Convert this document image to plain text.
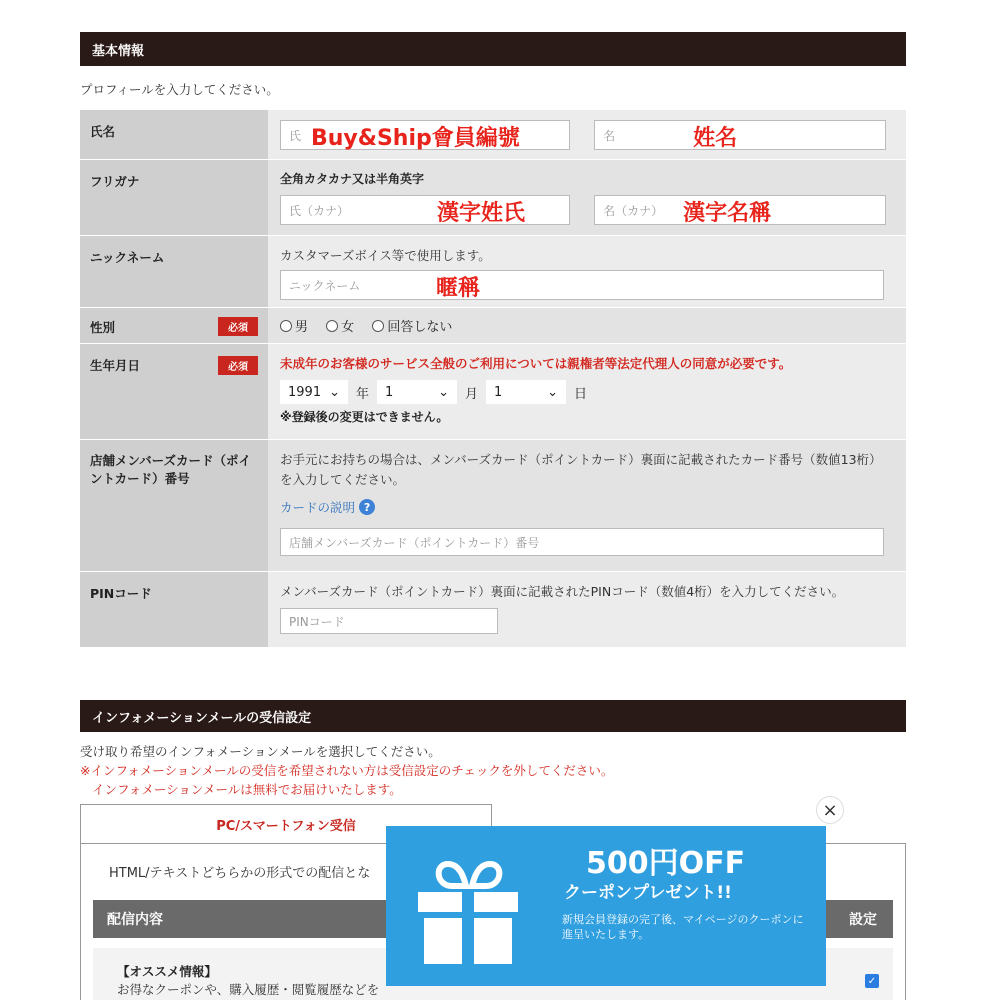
基本情報
プロフィールを入力してください。
氏名	氏 Buy&Ship會員編號
	名	姓名
フリガナ	全角カタカナ又は半角英字
氏（カナ）	漢字姓氏
	名（カナ） 漢字名稱
ニックネーム	カスタマーズボイス等で使用します。
ニックネーム	暱稱
性別	必須	男
	女
	回答しない
生年月日	必須	未成年のお客様のサービス全般のご利用については親権者等法定代理人の同意が必要です。
1991 ⌄ 年 1	⌄ 月 1	⌄ 日
※登録後の変更はできません。
店舗メンバーズカード（ポイントカード）番号
お手元にお持ちの場合は、メンバーズカード（ポイントカード）裏面に記載されたカード番号（数値13桁）を入力してください。
カードの説明 ?
店舗メンバーズカード（ポイントカード）番号
PINコード	メンバーズカード（ポイントカード）裏面に記載されたPINコード（数値4桁）を入力してください。
PINコード
インフォメーションメールの受信設定
受け取り希望のインフォメーションメールを選択してください。
※インフォメーションメールの受信を希望されない方は受信設定のチェックを外してください。
インフォメーションメールは無料でお届けいたします。
PC/スマートフォン受信
HTML/テキストどちらかの形式での配信とな
配信内容	設定
【オススメ情報】
お得なクーポンや、購入履歴・閲覧履歴などを
✓
500円OFF
クーポンプレゼント!!
新規会員登録の完了後、マイページのクーポンに進呈いたします。
×
